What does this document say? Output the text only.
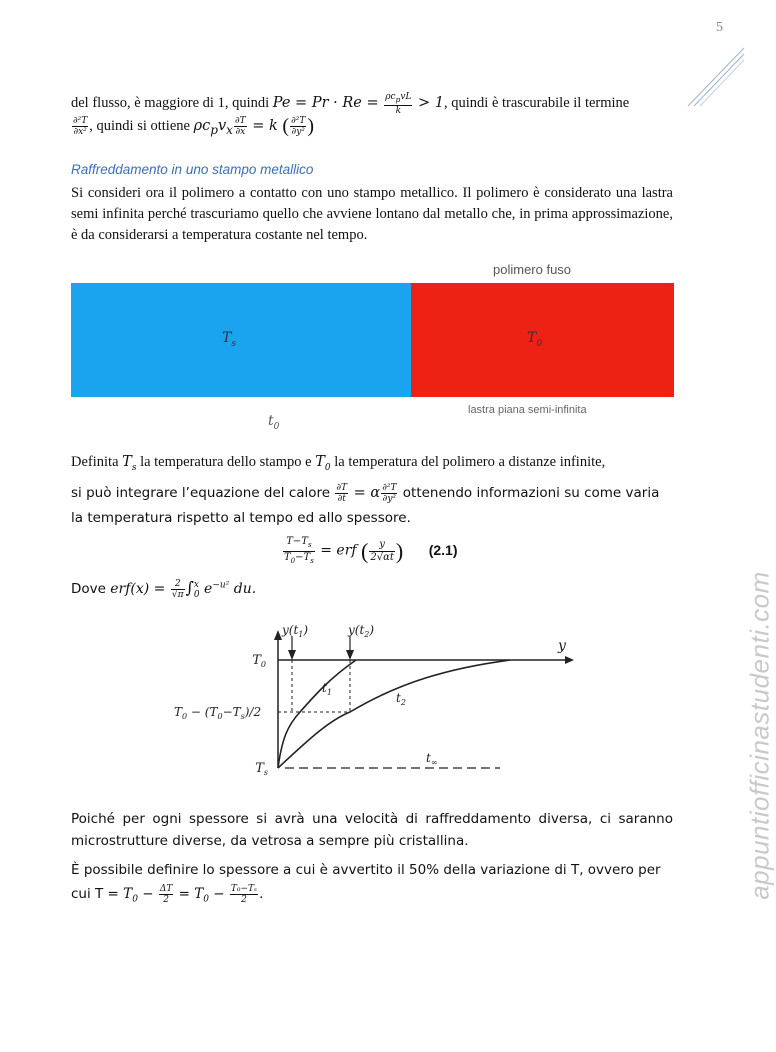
5
del flusso, è maggiore di 1, quindi $Pe = Pr \cdot Re = \frac{\rho c_pvL}{k} > 1$, quindi è trascurabile il termine

$\frac{\text{∂²T}}{\text{∂x²}}$ , quindi si ottiene $\rho c_pv_x \frac{\partial T}{\partial x} = k$ ( $\frac{\text{∂²T}}{\text{∂y²}}$ )
Raffreddamento in uno stampo metallico
Si consideri ora il polimero a contatto con uno stampo metallico. Il polimero è considerato una lastra semi infinita perché trascuriamo quello che avviene lontano dal metallo che, in prima approssimazione, è da considerarsi a temperatura costante nel tempo.
polimero fuso
$T_s$	$T_0$
$t_0$
lastra piana semi-infinita
Definita $T_s$ la temperatura dello stampo e $T_0$ la temperatura del polimero a distanze infinite,
si può integrare l’equazione del calore $\frac{\partial T}{\partial t} = \alpha \frac{\text{∂²T}}{\text{∂y²}}$ ottenendo informazioni su come varia
la temperatura rispetto al tempo ed allo spessore.
$\frac{T-T_s}{T_0-T_s}$ = erf ( $\frac{y}{2√\alpha t}$ ) (2.1)
Dove $erf(x) = \frac{2}{√\pi} \int x$
0 $e^{-u^2}$ du.
$T_0$
$T_0 - (T_0-T_s)/2$
$T_s$
y
$y(t_1)$	$y(t_2)$
$t_1$	$t_2$
$t_\infty$
Poiché per ogni spessore si avrà una velocità di raffreddamento diversa, ci saranno microstrutture diverse, da vetrosa a sempre più cristallina.
È possibile definire lo spessore a cui è avvertito il 50% della variazione di T, ovvero per
cui $T = T_0 - \frac{\Delta T}{2} = T_0 - \frac{\text{T₀−Tₛ}}{2}$ .	appuntiofficinastudenti.com
